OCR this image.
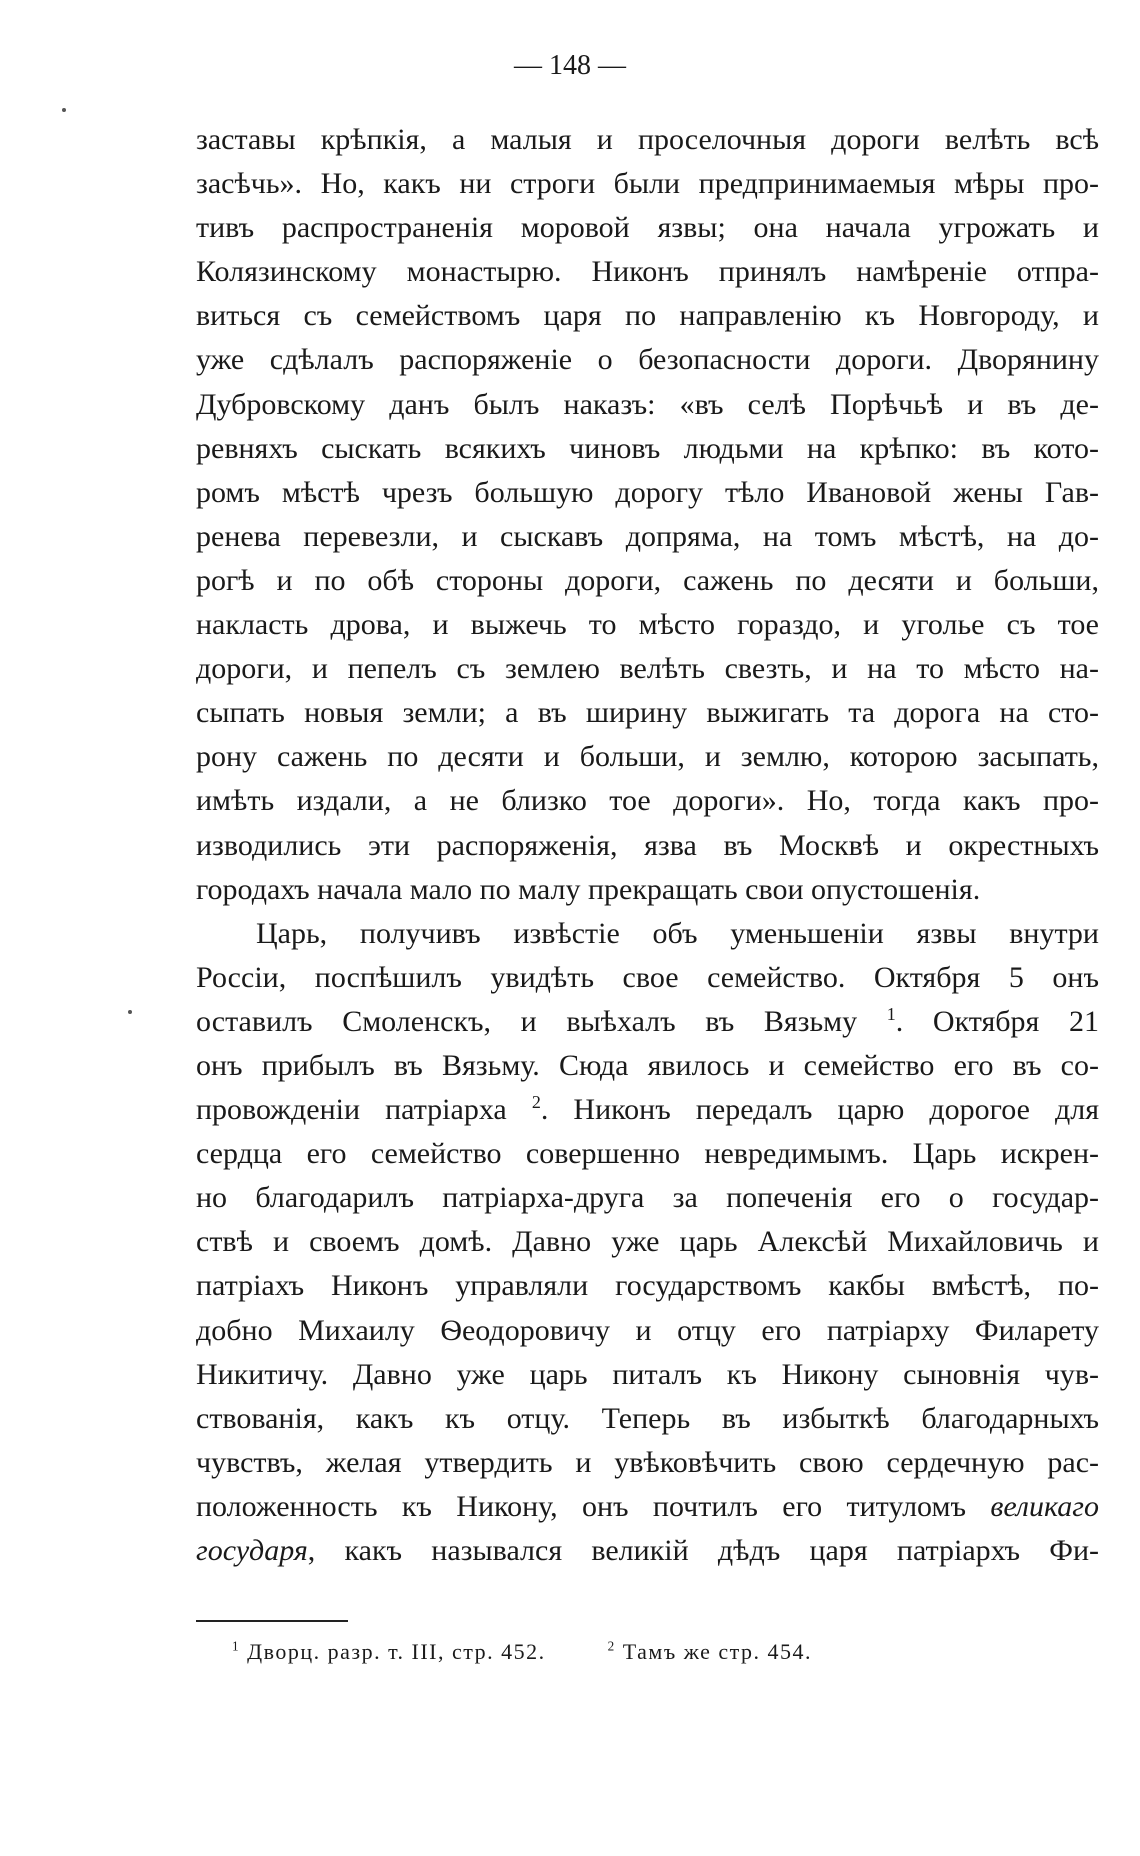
— 148 —
заставы крѣпкія, а малыя и проселочныя дороги велѣть всѣ
засѣчь». Но, какъ ни строги были предпринимаемыя мѣры про-
тивъ распространенія моровой язвы; она начала угрожать и
Колязинскому монастырю. Никонъ принялъ намѣреніе отпра-
виться съ семействомъ царя по направленію къ Новгороду, и
уже сдѣлалъ распоряженіе о безопасности дороги. Дворянину
Дубровскому данъ былъ наказъ: «въ селѣ Порѣчьѣ и въ де-
ревняхъ сыскать всякихъ чиновъ людьми на крѣпко: въ кото-
ромъ мѣстѣ чрезъ большую дорогу тѣло Ивановой жены Гав-
ренева перевезли, и сыскавъ допряма, на томъ мѣстѣ, на до-
рогѣ и по обѣ стороны дороги, сажень по десяти и больши,
накласть дрова, и выжечь то мѣсто гораздо, и уголье съ тое
дороги, и пепелъ съ землею велѣть свезть, и на то мѣсто на-
сыпать новыя земли; а въ ширину выжигать та дорога на сто-
рону сажень по десяти и больши, и землю, которою засыпать,
имѣть издали, а не близко тое дороги». Но, тогда какъ про-
изводились эти распоряженія, язва въ Москвѣ и окрестныхъ
городахъ начала мало по малу прекращать свои опустошенія.
Царь, получивъ извѣстіе объ уменьшеніи язвы внутри
Россіи, поспѣшилъ увидѣть свое семейство. Октября 5 онъ
оставилъ Смоленскъ, и выѣхалъ въ Вязьму $^1$. Октября 21
онъ прибылъ въ Вязьму. Сюда явилось и семейство его въ со-
провожденіи патріарха $^2$. Никонъ передалъ царю дорогое для
сердца его семейство совершенно невредимымъ. Царь искрен-
но благодарилъ патріарха-друга за попеченія его о государ-
ствѣ и своемъ домѣ. Давно уже царь Алексѣй Михайловичь и
патріахъ Никонъ управляли государствомъ какбы вмѣстѣ, по-
добно Михаилу Ѳеодоровичу и отцу его патріарху Филарету
Никитичу. Давно уже царь питалъ къ Никону сыновнія чув-
ствованія, какъ къ отцу. Теперь въ избыткѣ благодарныхъ
чувствъ, желая утвердить и увѣковѣчить свою сердечную рас-
положенность къ Никону, онъ почтилъ его титуломъ великаго
государя, какъ назывался великій дѣдъ царя патріархъ Фи-
$^1$ Дворц. разр. т. III, стр. 452.	$^2$ Тамъ же стр. 454.
